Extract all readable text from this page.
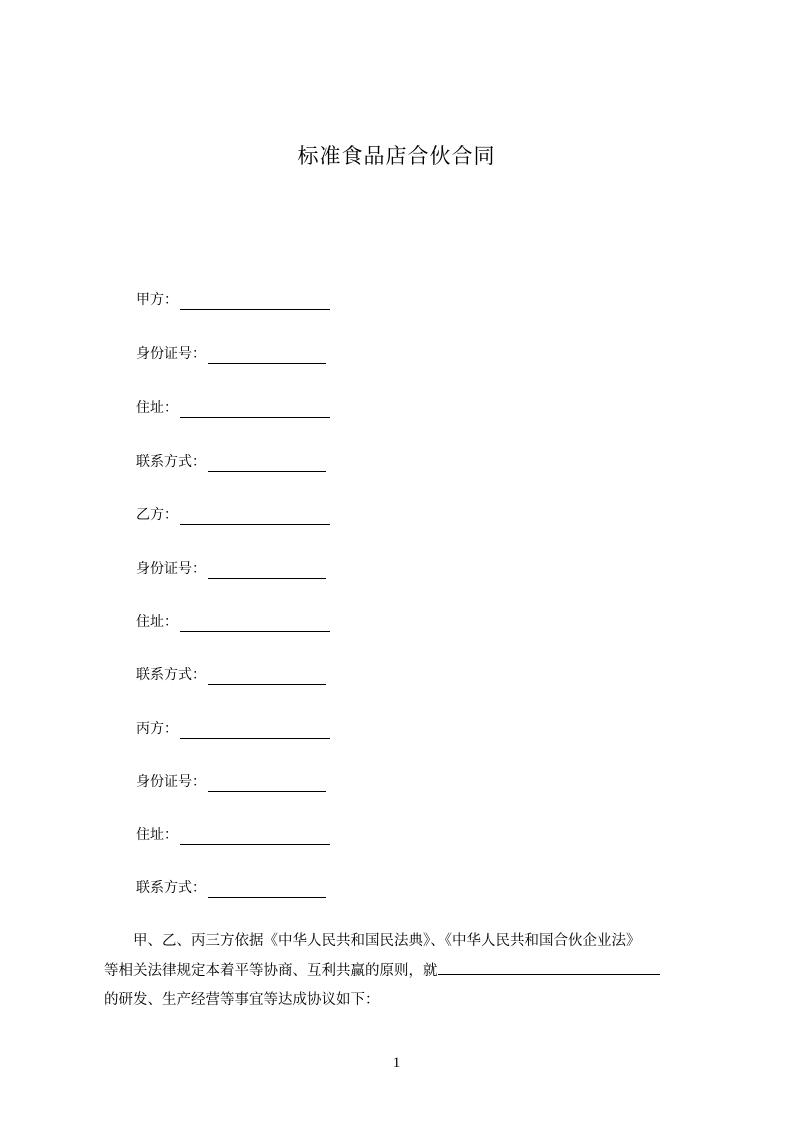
标准食品店合伙合同
甲方：
身份证号：
住址：
联系方式：
乙方：
身份证号：
住址：
联系方式：
丙方：
身份证号：
住址：
联系方式：
　　甲、乙、丙三方依据《中华人民共和国民法典》、《中华人民共和国合伙企业法》
等相关法律规定本着平等协商、互利共赢的原则，就
的研发、生产经营等事宜等达成协议如下：
1
